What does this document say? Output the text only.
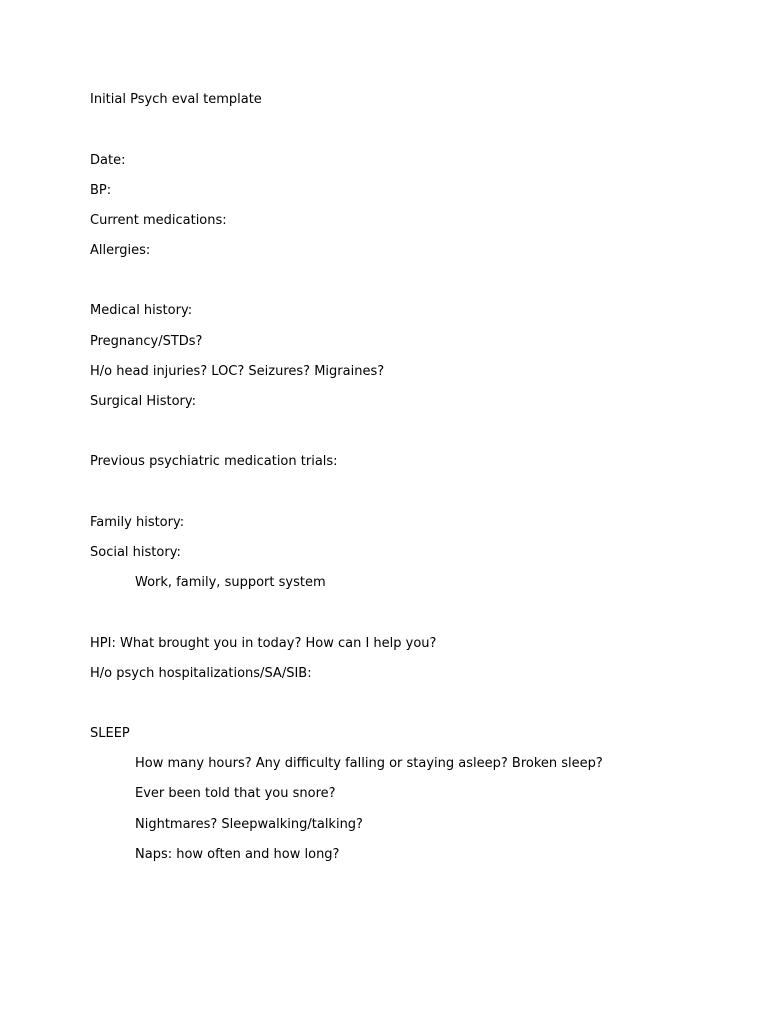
Initial Psych eval template
Date:
BP:
Current medications:
Allergies:
Medical history:
Pregnancy/STDs?
H/o head injuries? LOC? Seizures? Migraines?
Surgical History:
Previous psychiatric medication trials:
Family history:
Social history:
Work, family, support system
HPI: What brought you in today? How can I help you?
H/o psych hospitalizations/SA/SIB:
SLEEP
How many hours? Any difficulty falling or staying asleep? Broken sleep?
Ever been told that you snore?
Nightmares? Sleepwalking/talking?
Naps: how often and how long?
